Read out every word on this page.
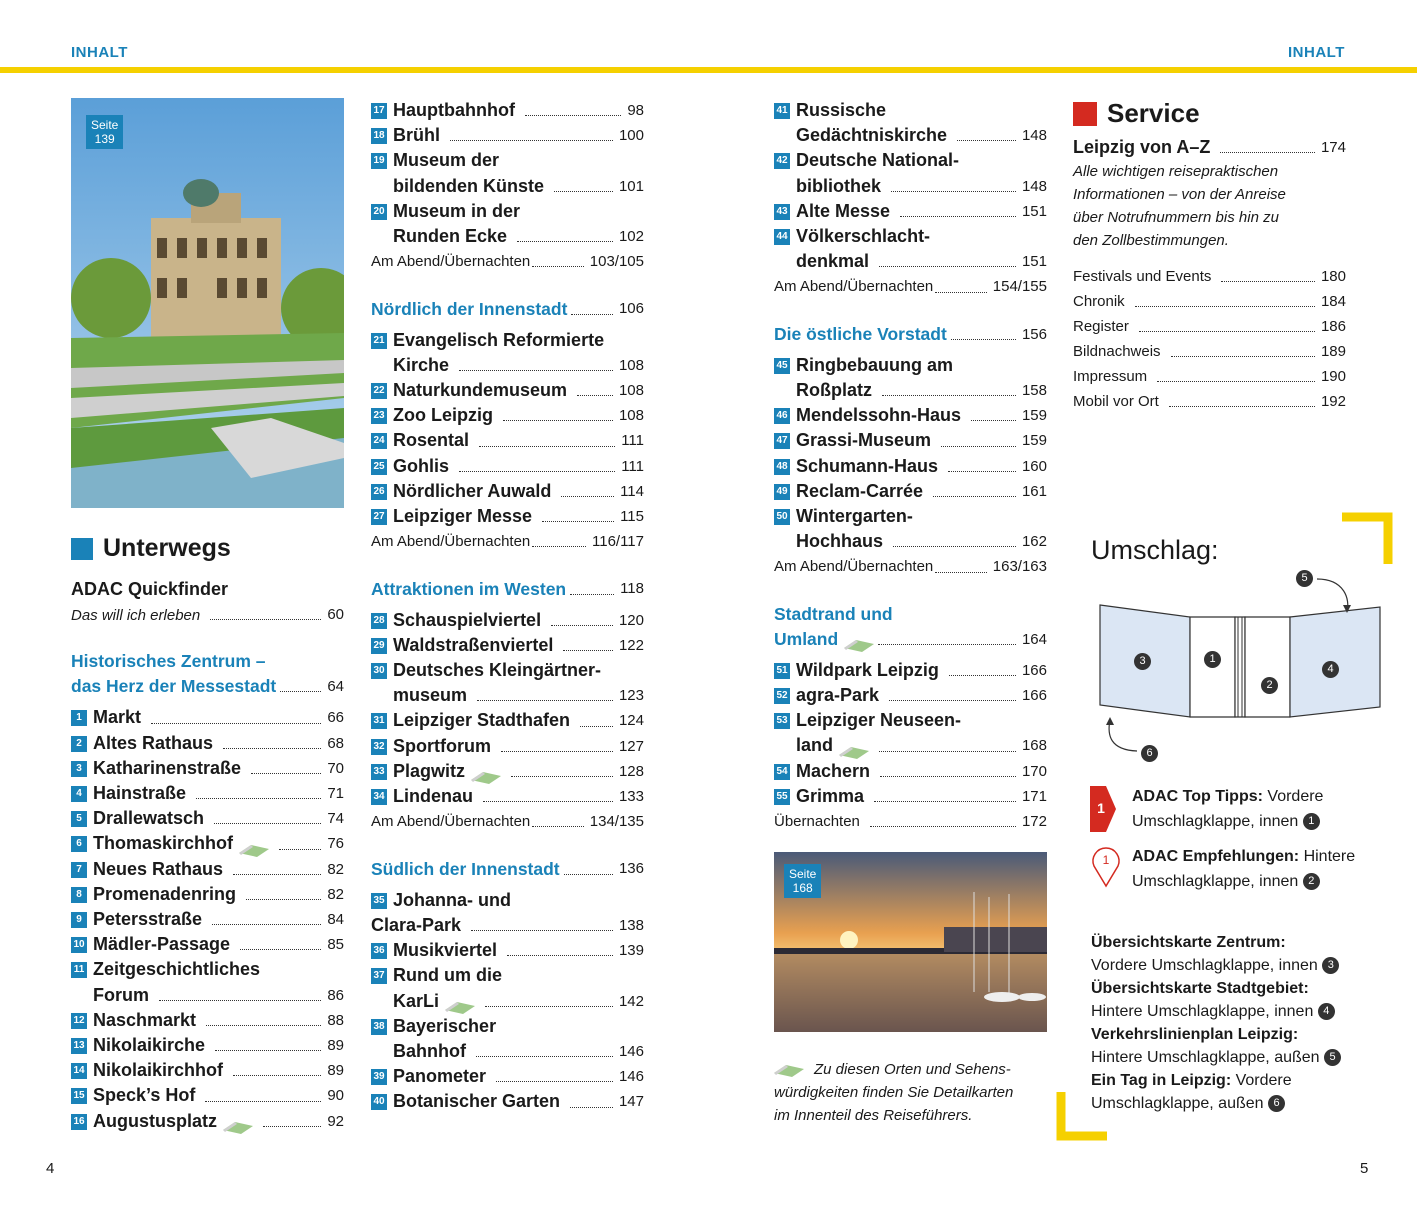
INHALT	INHALT
Seite
139
Unterwegs
ADAC Quickfinder
Das will ich erleben	60
Historisches Zentrum –
das Herz der Messestadt	64
1 Markt	66
2 Altes Rathaus	68
3 Katharinenstraße	70
4 Hainstraße	71
5 Drallewatsch	74
6 Thomaskirchhof	76
7 Neues Rathaus	82
8 Promenadenring	82
9 Petersstraße	84
10 Mädler-Passage	85
11 Zeitgeschichtliches
Forum	86
12 Naschmarkt	88
13 Nikolaikirche	89
14 Nikolaikirchhof	89
15 Speck’s Hof	90
16 Augustusplatz	92
17 Hauptbahnhof	98
18 Brühl	100
19 Museum der
bildenden Künste	101
20 Museum in der
Runden Ecke	102
Am Abend/Übernachten	103/105
Nördlich der Innenstadt	106
21 Evangelisch Reformierte
Kirche	108
22 Naturkundemuseum	108
23 Zoo Leipzig	108
24 Rosental	111
25 Gohlis	111
26 Nördlicher Auwald	114
27 Leipziger Messe	115
Am Abend/Übernachten	116/117
Attraktionen im Westen	118
28 Schauspielviertel	120
29 Waldstraßenviertel	122
30 Deutsches Kleingärtner-
museum	123
31 Leipziger Stadthafen	124
32 Sportforum	127
33 Plagwitz	128
34 Lindenau	133
Am Abend/Übernachten	134/135
Südlich der Innenstadt	136
35 Johanna- und
Clara-Park	138
36 Musikviertel	139
37 Rund um die
KarLi	142
38 Bayerischer
Bahnhof	146
39 Panometer	146
40 Botanischer Garten	147
41 Russische
Gedächtniskirche	148
42 Deutsche National-
bibliothek	148
43 Alte Messe	151
44 Völkerschlacht-
denkmal	151
Am Abend/Übernachten	154/155
Die östliche Vorstadt	156
45 Ringbebauung am
Roßplatz	158
46 Mendelssohn-Haus	159
47 Grassi-Museum	159
48 Schumann-Haus	160
49 Reclam-Carrée	161
50 Wintergarten-
Hochhaus	162
Am Abend/Übernachten	163/163
Stadtrand und
Umland	164
51 Wildpark Leipzig	166
52 agra-Park	166
53 Leipziger Neuseen-
land	168
54 Machern	170
55 Grimma	171
Übernachten	172
Seite
168
Zu diesen Orten und Sehens-
würdigkeiten finden Sie Detailkarten
im Innenteil des Reiseführers.
Service
Leipzig von A–Z	174
Alle wichtigen reisepraktischen
Informationen – von der Anreise
über Notrufnummern bis hin zu
den Zollbestimmungen.
Festivals und Events	180
Chronik	184
Register	186
Bildnachweis	189
Impressum	190
Mobil vor Ort	192
Umschlag:
3	1
2
4
5
6
1
ADAC Top Tipps: Vordere
Umschlagklappe, innen 1
1	ADAC Empfehlungen: Hintere
Umschlagklappe, innen 2
Übersichtskarte Zentrum:
Vordere Umschlagklappe, innen 3
Übersichtskarte Stadtgebiet:
Hintere Umschlagklappe, innen 4
Verkehrslinienplan Leipzig:
Hintere Umschlagklappe, außen 5
Ein Tag in Leipzig: Vordere
Umschlagklappe, außen 6
4	5
